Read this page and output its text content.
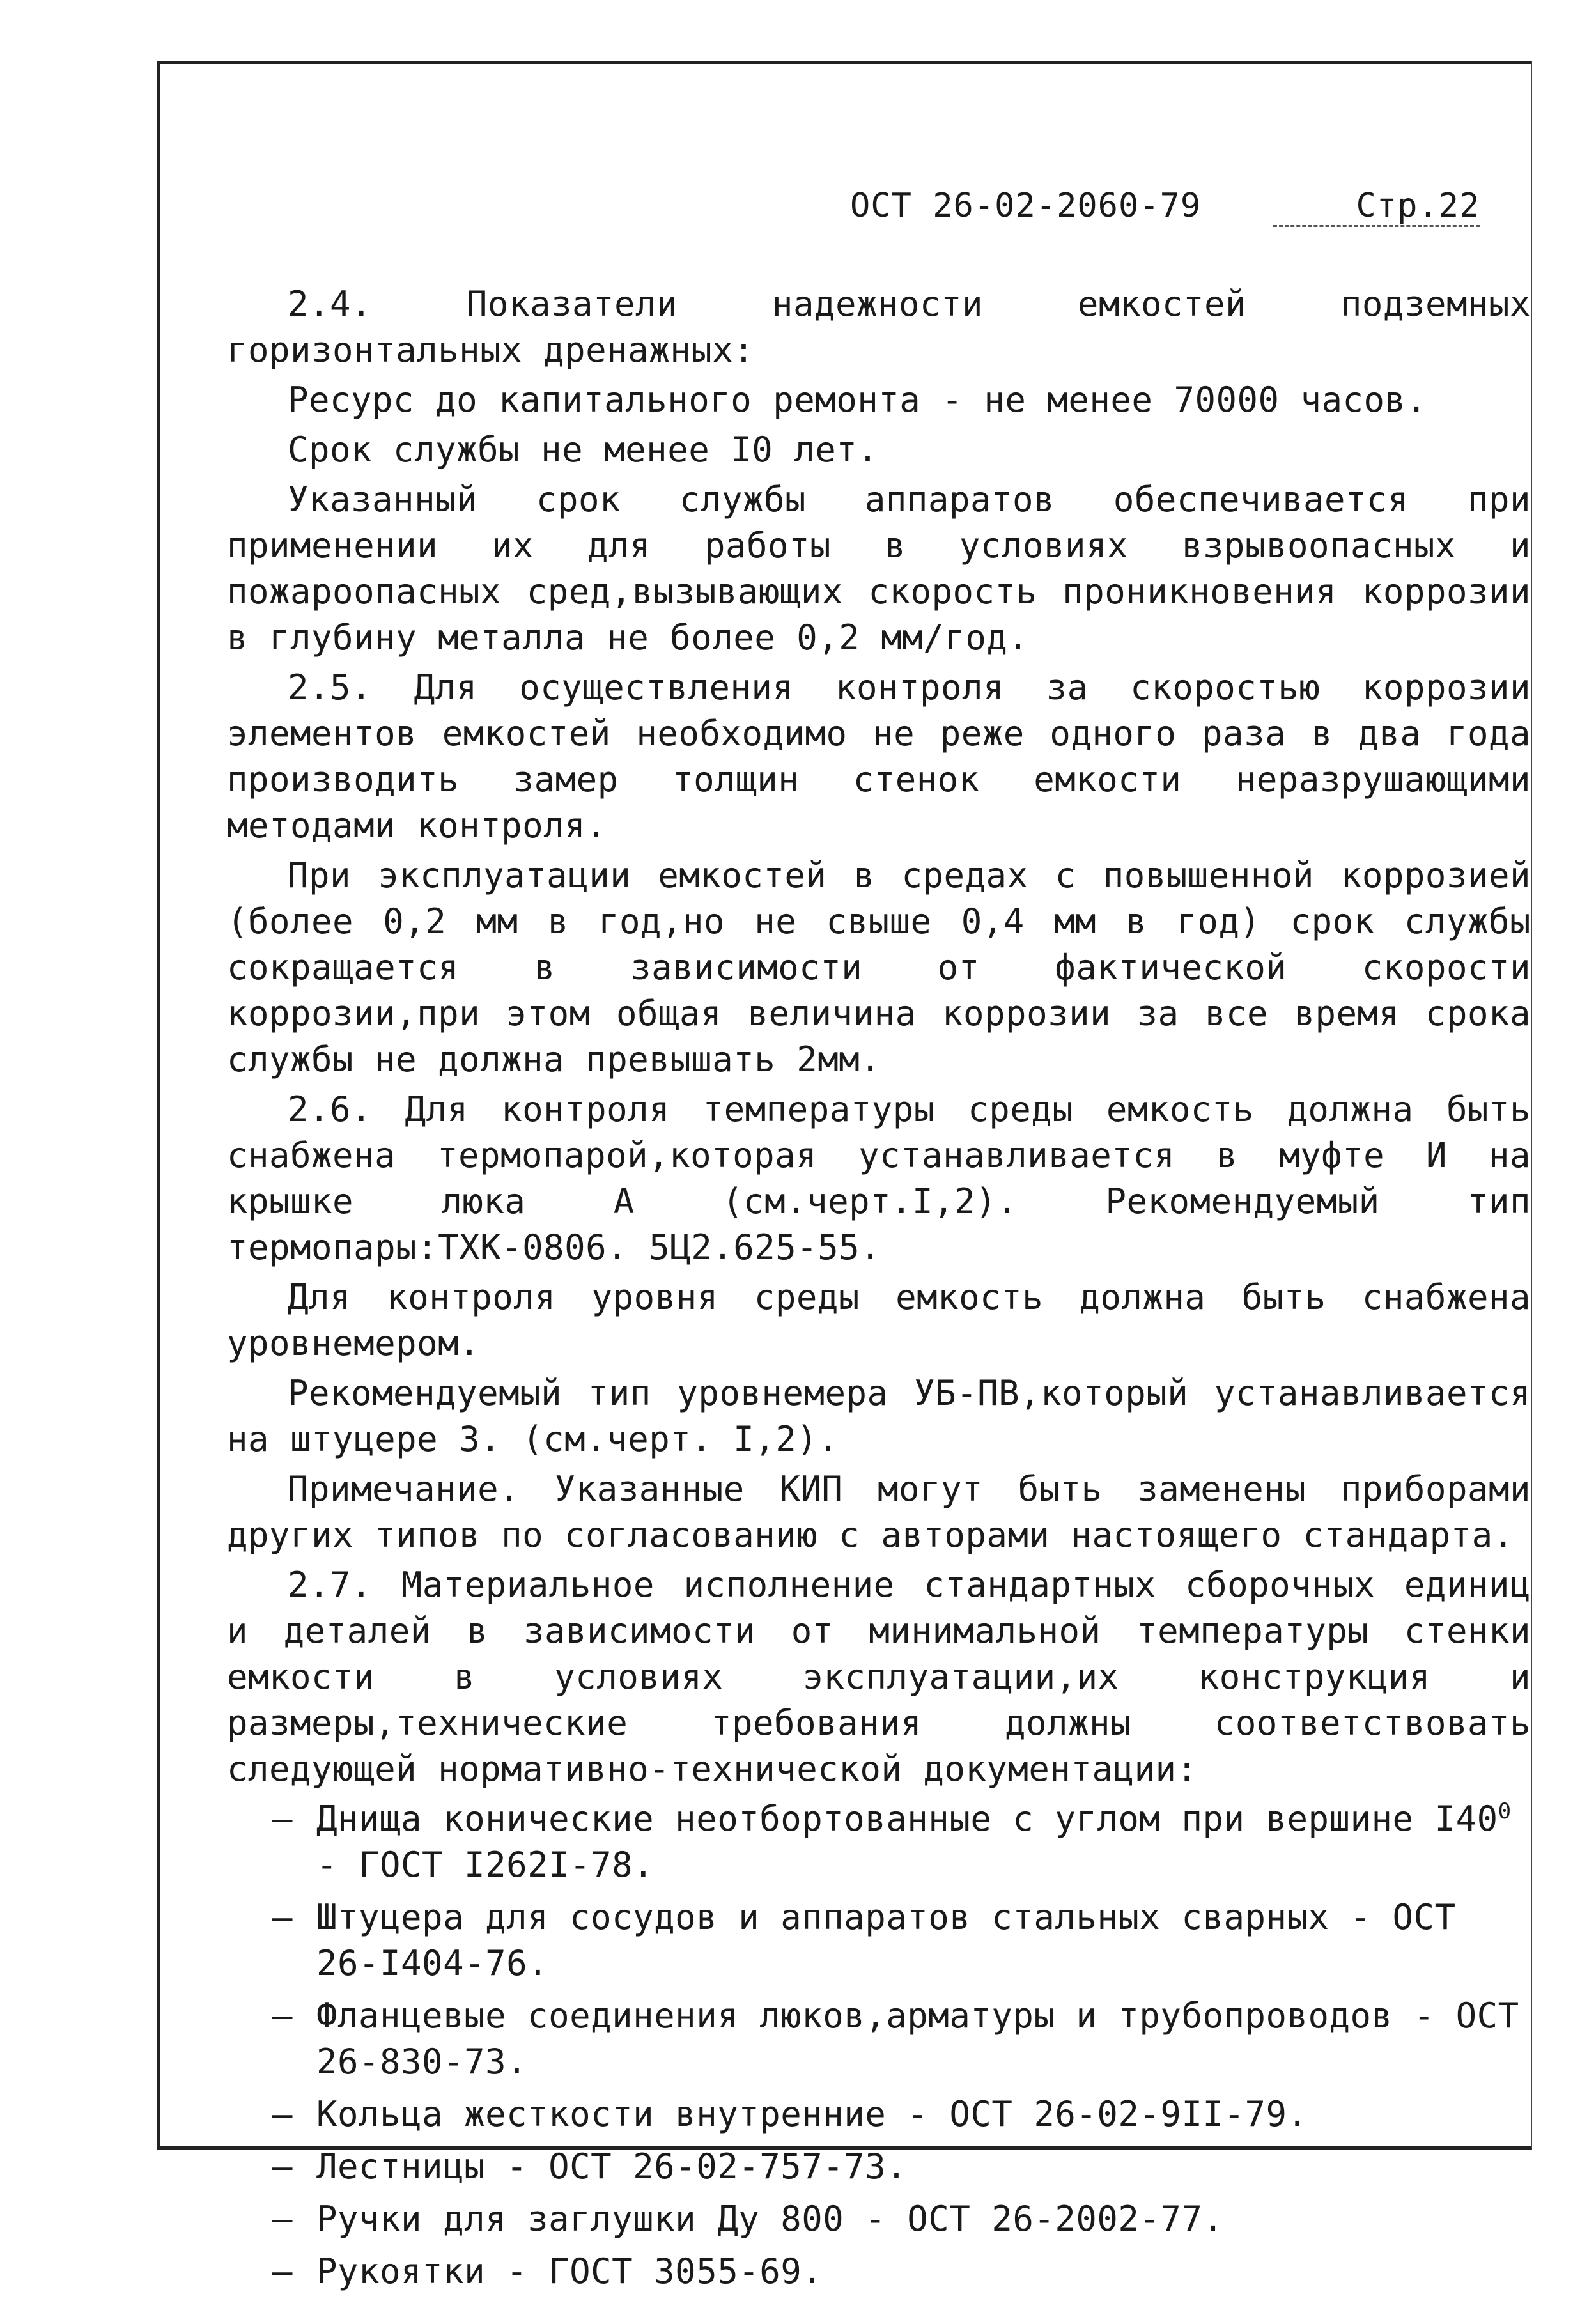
ОСТ 26-02-2060-79	Стр.22

2.4. Показатели надежности емкостей подземных горизонтальных дренажных:

Ресурс до капитального ремонта - не менее 70000 часов.

Срок службы не менее I0 лет.

Указанный срок службы аппаратов обеспечивается при применении их для работы в условиях взрывоопасных и пожароопасных сред,вызывающих скорость проникновения коррозии в глубину металла не более 0,2 мм/год.

2.5. Для осуществления контроля за скоростью коррозии элементов емкостей необходимо не реже одного раза в два года производить замер толщин стенок емкости неразрушающими методами контроля.

При эксплуатации емкостей в средах с повышенной коррозией (более 0,2 мм в год,но не свыше 0,4 мм в год) срок службы сокращается в зависимости от фактической скорости коррозии,при этом общая величина коррозии за все время срока службы не должна превышать 2мм.

2.6. Для контроля температуры среды емкость должна быть снабжена термопарой,которая устанавливается в муфте И на крышке люка А (см.черт.I,2). Рекомендуемый тип термопары:ТХК-0806. 5Ц2.625-55.

Для контроля уровня среды емкость должна быть снабжена уровнемером.

Рекомендуемый тип уровнемера УБ-ПВ,который устанавливается на штуцере 3. (см.черт. I,2).

Примечание. Указанные КИП могут быть заменены приборами других типов по согласованию с авторами настоящего стандарта.

2.7. Материальное исполнение стандартных сборочных единиц и деталей в зависимости от минимальной температуры стенки емкости в условиях эксплуатации,их конструкция и размеры,технические требования должны соответствовать следующей нормативно-технической документации:

– Днища конические неотбортованные с углом при вершине $I40^0$ - ГОСТ I262I-78.
– Штуцера для сосудов и аппаратов стальных сварных - ОСТ 26-I404-76.
– Фланцевые соединения люков,арматуры и трубопроводов - ОСТ 26-830-73.
– Кольца жесткости внутренние - ОСТ 26-02-9II-79.
– Лестницы - ОСТ 26-02-757-73.
– Ручки для заглушки Ду 800 - ОСТ 26-2002-77.
– Рукоятки - ГОСТ 3055-69.
